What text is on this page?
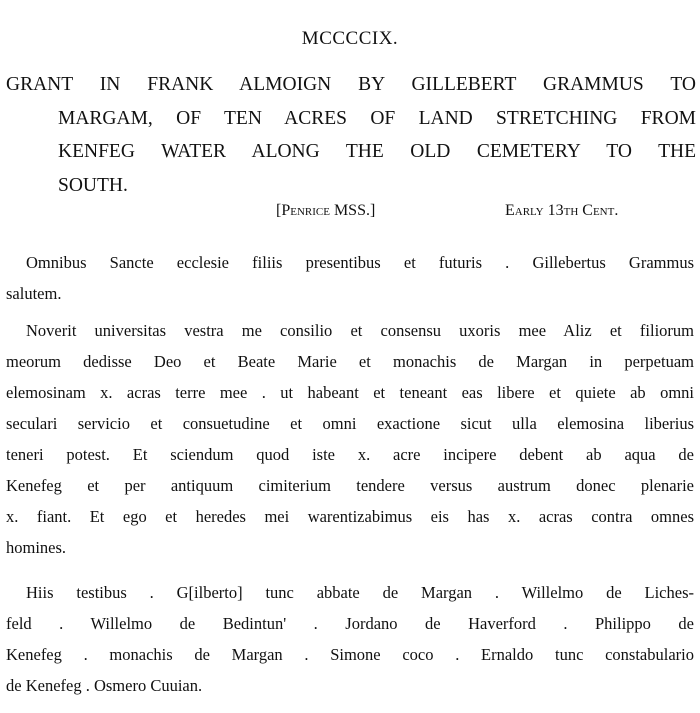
MCCCCIX.
GRANT IN FRANK ALMOIGN BY GILLEBERT GRAMMUS TO
MARGAM, OF TEN ACRES OF LAND STRETCHING FROM
KENFEG WATER ALONG THE OLD CEMETERY TO THE
SOUTH.
[Penrice MSS.]	Early 13th Cent.
Omnibus Sancte ecclesie filiis presentibus et futuris . Gillebertus Grammus
salutem.
Noverit universitas vestra me consilio et consensu uxoris mee Aliz et filiorum
meorum dedisse Deo et Beate Marie et monachis de Margan in perpetuam
elemosinam x. acras terre mee . ut habeant et teneant eas libere et quiete ab omni
seculari servicio et consuetudine et omni exactione sicut ulla elemosina liberius
teneri potest. Et sciendum quod iste x. acre incipere debent ab aqua de
Kenefeg et per antiquum cimiterium tendere versus austrum donec plenarie
x. fiant. Et ego et heredes mei warentizabimus eis has x. acras contra omnes
homines.
Hiis testibus . G[ilberto] tunc abbate de Margan . Willelmo de Liches-
feld . Willelmo de Bedintun' . Jordano de Haverford . Philippo de
Kenefeg . monachis de Margan . Simone coco . Ernaldo tunc constabulario
de Kenefeg . Osmero Cuuian.
